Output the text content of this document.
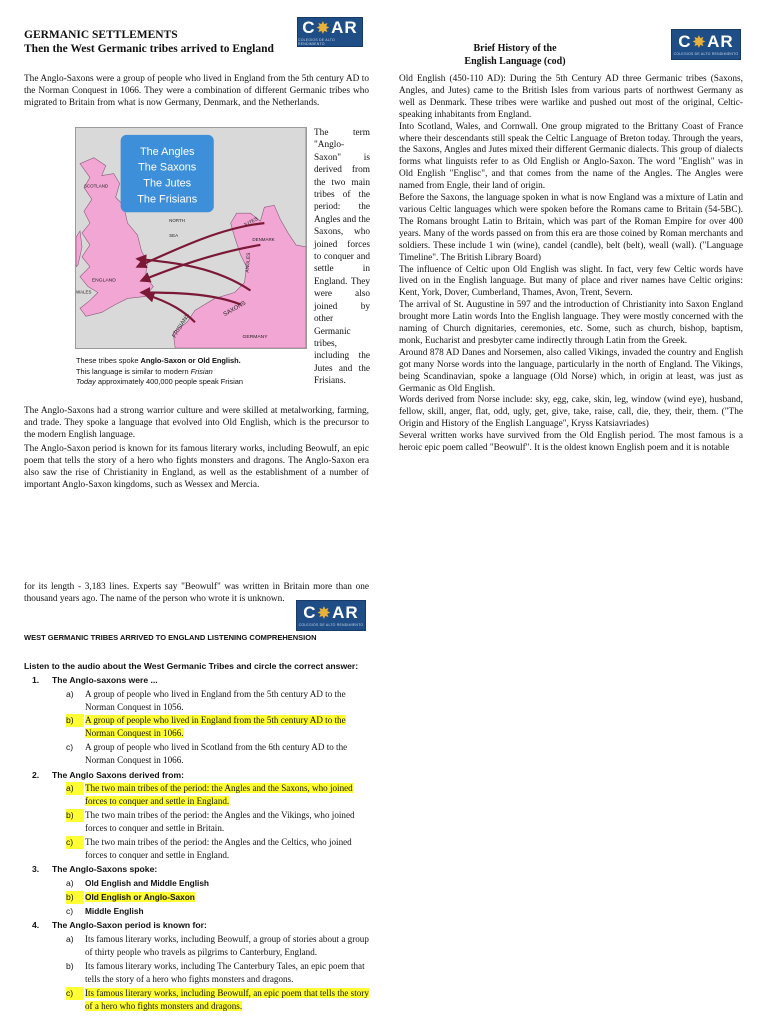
C✸AR
COLEGIOS DE ALTO RENDIMIENTO	C✸AR
COLEGIOS DE ALTO RENDIMIENTO
C✸AR
COLEGIOS DE ALTO RENDIMIENTO
GERMANIC SETTLEMENTS
Then the West Germanic tribes arrived to England	Brief History of the
English Language (cod)

The Anglo-Saxons were a group of people who lived in England from the 5th century AD to the Norman Conquest in 1066. They were a combination of different Germanic tribes who migrated to Britain from what is now Germany, Denmark, and the Netherlands.

The Angles
The Saxons
The Jutes
The Frisians
SCOTLAND
NORTH
SEA
JUTES
DENMARK
ANGLES
ENGLAND
WALES
SAXONS
FRISIANS	GERMANY
These tribes spoke Anglo-Saxon or Old English.
This language is similar to modern Frisian
Today approximately 400,000 people speak Frisian

The term "Anglo-Saxon" is derived from the two main tribes of the period: the Angles and the Saxons, who joined forces to conquer and settle in England. They were also joined by other Germanic tribes, including the Jutes and the Frisians.

The Anglo-Saxons had a strong warrior culture and were skilled at metalworking, farming, and trade. They spoke a language that evolved into Old English, which is the precursor to the modern English language.

The Anglo-Saxon period is known for its famous literary works, including Beowulf, an epic poem that tells the story of a hero who fights monsters and dragons. The Anglo-Saxon era also saw the rise of Christianity in England, as well as the establishment of a number of important Anglo-Saxon kingdoms, such as Wessex and Mercia.

Old English (450-110 AD): During the 5th Century AD three Germanic tribes (Saxons, Angles, and Jutes) came to the British Isles from various parts of northwest Germany as well as Denmark. These tribes were warlike and pushed out most of the original, Celtic-speaking inhabitants from England.

Into Scotland, Wales, and Cornwall. One group migrated to the Brittany Coast of France where their descendants still speak the Celtic Language of Breton today. Through the years, the Saxons, Angles and Jutes mixed their different Germanic dialects. This group of dialects forms what linguists refer to as Old English or Anglo-Saxon. The word "English" was in Old English "Englisc", and that comes from the name of the Angles. The Angles were named from Engle, their land of origin.

Before the Saxons, the language spoken in what is now England was a mixture of Latin and various Celtic languages which were spoken before the Romans came to Britain (54-5BC). The Romans brought Latin to Britain, which was part of the Roman Empire for over 400 years. Many of the words passed on from this era are those coined by Roman merchants and soldiers. These include 1 win (wine), candel (candle), belt (belt), weall (wall). ("Language Timeline". The British Library Board)

The influence of Celtic upon Old English was slight. In fact, very few Celtic words have lived on in the English language. But many of place and river names have Celtic origins: Kent, York, Dover, Cumberland, Thames, Avon, Trent, Severn.

The arrival of St. Augustine in 597 and the introduction of Christianity into Saxon England brought more Latin words Into the English language. They were mostly concerned with the naming of Church dignitaries, ceremonies, etc. Some, such as church, bishop, baptism, monk, Eucharist and presbyter came indirectly through Latin from the Greek.

Around 878 AD Danes and Norsemen, also called Vikings, invaded the country and English got many Norse words into the language, particularly in the north of England. The Vikings, being Scandinavian, spoke a language (Old Norse) which, in origin at least, was just as Germanic as Old English.

Words derived from Norse include: sky, egg, cake, skin, leg, window (wind eye), husband, fellow, skill, anger, flat, odd, ugly, get, give, take, raise, call, die, they, their, them. ("The Origin and History of the English Language", Kryss Katsiavriades)

Several written works have survived from the Old English period. The most famous is a heroic epic poem called "Beowulf". It is the oldest known English poem and it is notable

for its length - 3,183 lines. Experts say "Beowulf" was written in Britain more than one thousand years ago. The name of the person who wrote it is unknown.

WEST GERMANIC TRIBES ARRIVED TO ENGLAND LISTENING COMPREHENSION
Listen to the audio about the West Germanic Tribes and circle the correct answer:
1. The Anglo-saxons were ...
a)	A group of people who lived in England from the 5th century AD to the Norman Conquest in 1056.
b)	A group of people who lived in England from the 5th century AD to the Norman Conquest in 1066.
c)	A group of people who lived in Scotland from the 6th century AD to the Norman Conquest in 1066.
2. The Anglo Saxons derived from:
a)	The two main tribes of the period: the Angles and the Saxons, who joined forces to conquer and settle in England.
b)	The two main tribes of the period: the Angles and the Vikings, who joined forces to conquer and settle in Britain.
c)	The two main tribes of the period: the Angles and the Celtics, who joined forces to conquer and settle in England.
3. The Anglo-Saxons spoke:
a)	Old English and Middle English
b)	Old English or Anglo-Saxon
c)	Middle English
4. The Anglo-Saxon period is known for:
a)	Its famous literary works, including Beowulf, a group of stories about a group of thirty people who travels as pilgrims to Canterbury, England.
b)	Its famous literary works, including The Canterbury Tales, an epic poem that tells the story of a hero who fights monsters and dragons.
c)	Its famous literary works, including Beowulf, an epic poem that tells the story of a hero who fights monsters and dragons.
